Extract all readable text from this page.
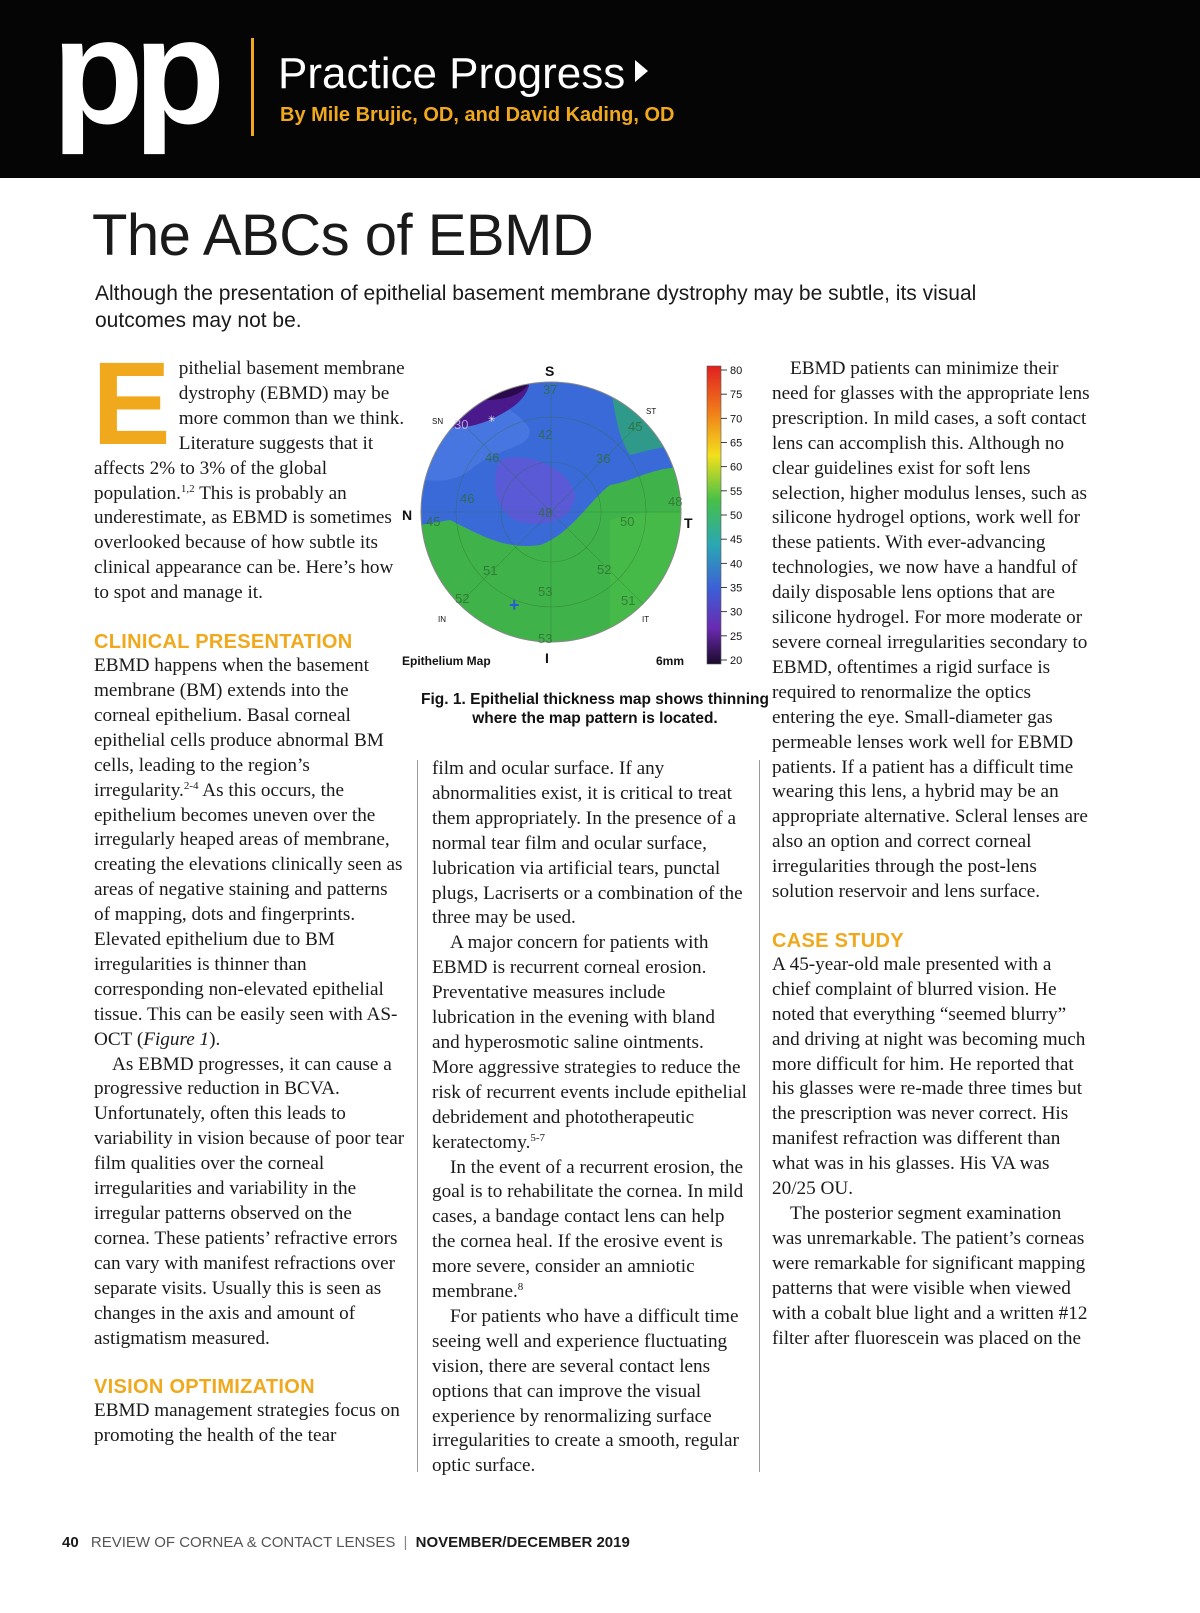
pp Practice Progress
By Mile Brujic, OD, and David Kading, OD
The ABCs of EBMD
Although the presentation of epithelial basement membrane dystrophy may be subtle, its visual outcomes may not be.

Epithelial basement membrane dystrophy (EBMD) may be more common than we think. Literature suggests that it affects 2% to 3% of the global population.$^{1,2}$ This is probably an underestimate, as EBMD is sometimes overlooked because of how subtle its clinical appearance can be. Here’s how to spot and manage it.

CLINICAL PRESENTATION

EBMD happens when the basement membrane (BM) extends into the corneal epithelium. Basal corneal epithelial cells produce abnormal BM cells, leading to the region’s irregularity.$^{2-4}$ As this occurs, the epithelium becomes uneven over the irregularly heaped areas of membrane, creating the elevations clinically seen as areas of negative staining and patterns of mapping, dots and fingerprints. Elevated epithelium due to BM irregularities is thinner than corresponding non-elevated epithelial tissue. This can be easily seen with AS-OCT (Figure 1).

As EBMD progresses, it can cause a progressive reduction in BCVA. Unfortunately, often this leads to variability in vision because of poor tear film qualities over the corneal irregularities and variability in the irregular patterns observed on the cornea. These patients’ refractive errors can vary with manifest refractions over separate visits. Usually this is seen as changes in the axis and amount of astigmatism measured.

VISION OPTIMIZATION

EBMD management strategies focus on promoting the health of the tear

✳
+
37
30
42
46	36
45
46
48
48
45	50
51	52
53
52	51
53
S
I
N	T
SN
ST
IN	IT
Epithelium Map	6mm
80
75
70
65
60
55
50
45
40
35
30
25
20
Fig. 1. Epithelial thickness map shows thinning where the map pattern is located.

film and ocular surface. If any abnormalities exist, it is critical to treat them appropriately. In the presence of a normal tear film and ocular surface, lubrication via artificial tears, punctal plugs, Lacriserts or a combination of the three may be used.

A major concern for patients with EBMD is recurrent corneal erosion. Preventative measures include lubrication in the evening with bland and hyperosmotic saline ointments. More aggressive strategies to reduce the risk of recurrent events include epithelial debridement and phototherapeutic keratectomy.$^{5-7}$

In the event of a recurrent erosion, the goal is to rehabilitate the cornea. In mild cases, a bandage contact lens can help the cornea heal. If the erosive event is more severe, consider an amniotic membrane.$^8$

For patients who have a difficult time seeing well and experience fluctuating vision, there are several contact lens options that can improve the visual experience by renormalizing surface irregularities to create a smooth, regular optic surface.

EBMD patients can minimize their need for glasses with the appropriate lens prescription. In mild cases, a soft contact lens can accomplish this. Although no clear guidelines exist for soft lens selection, higher modulus lenses, such as silicone hydrogel options, work well for these patients. With ever-advancing technologies, we now have a handful of daily disposable lens options that are silicone hydrogel. For more moderate or severe corneal irregularities secondary to EBMD, oftentimes a rigid surface is required to renormalize the optics entering the eye. Small-diameter gas permeable lenses work well for EBMD patients. If a patient has a difficult time wearing this lens, a hybrid may be an appropriate alternative. Scleral lenses are also an option and correct corneal irregularities through the post-lens solution reservoir and lens surface.

CASE STUDY

A 45-year-old male presented with a chief complaint of blurred vision. He noted that everything “seemed blurry” and driving at night was becoming much more difficult for him. He reported that his glasses were re-made three times but the prescription was never correct. His manifest refraction was different than what was in his glasses. His VA was 20/25 OU.

The posterior segment examination was unremarkable. The patient’s corneas were remarkable for significant mapping patterns that were visible when viewed with a cobalt blue light and a written #12 filter after fluorescein was placed on the

40 REVIEW OF CORNEA & CONTACT LENSES | NOVEMBER/DECEMBER 2019
